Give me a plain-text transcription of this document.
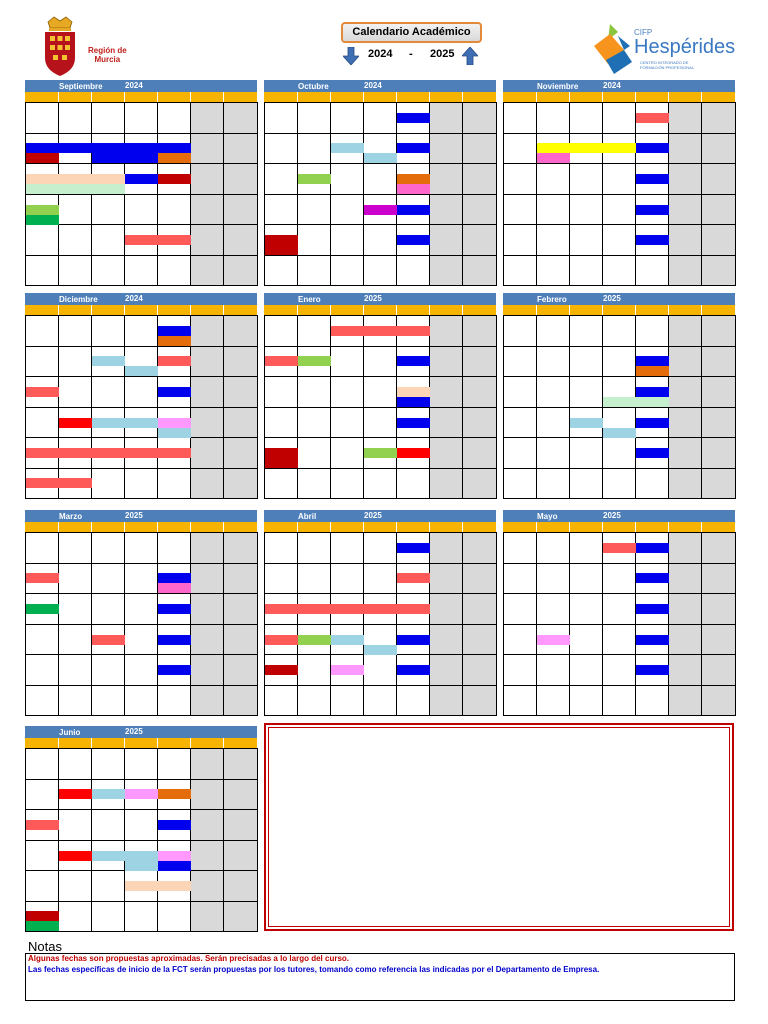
Región de
Murcia
Calendario Académico
2024 - 2025
CIFP
Hespérides
CENTRO INTEGRADO DE
FORMACIÓN PROFESIONAL
Septiembre	2024	Octubre	2024	Noviembre	2024
Diciembre	2024	Enero	2025	Febrero	2025
Marzo	2025	Abril	2025	Mayo	2025
Junio	2025
Notas
Algunas fechas son propuestas aproximadas. Serán precisadas a lo largo del curso.
Las fechas específicas de inicio de la FCT serán propuestas por los tutores, tomando como referencia las indicadas por el Departamento de Empresa.
